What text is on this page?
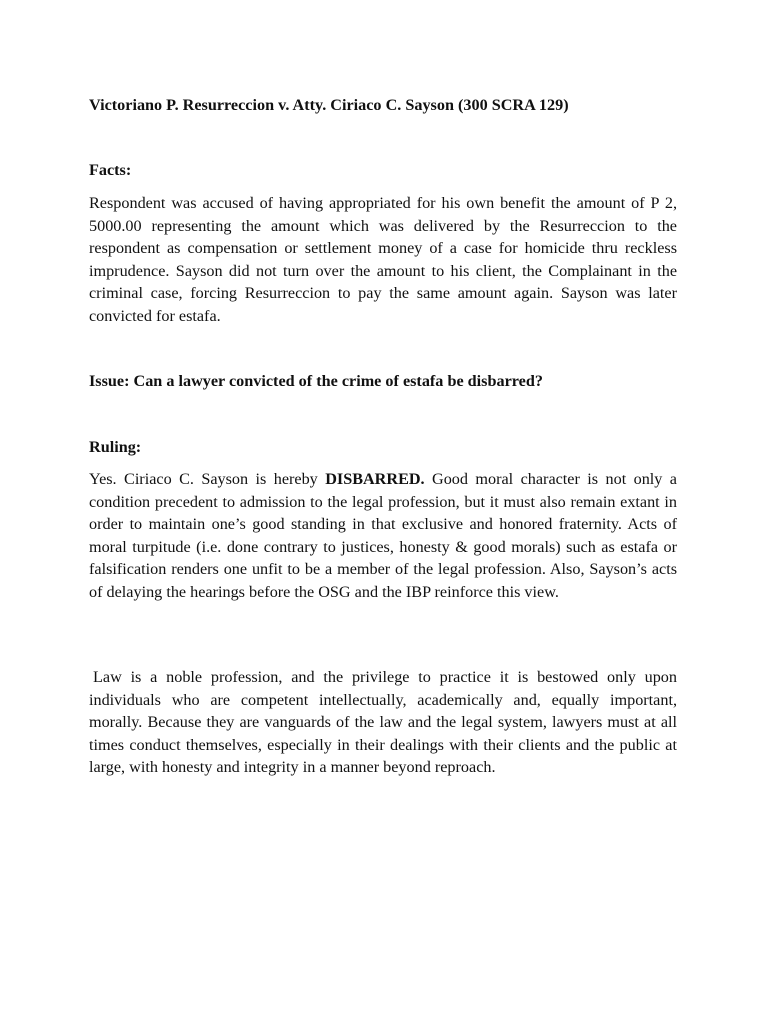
Victoriano P. Resurreccion v. Atty. Ciriaco C. Sayson (300 SCRA 129)

Facts:

Respondent was accused of having appropriated for his own benefit the amount of P 2, 5000.00 representing the amount which was delivered by the Resurreccion to the respondent as compensation or settlement money of a case for homicide thru reckless imprudence. Sayson did not turn over the amount to his client, the Complainant in the criminal case, forcing Resurreccion to pay the same amount again. Sayson was later convicted for estafa.

Issue: Can a lawyer convicted of the crime of estafa be disbarred?

Ruling:

Yes. Ciriaco C. Sayson is hereby DISBARRED. Good moral character is not only a condition precedent to admission to the legal profession, but it must also remain extant in order to maintain one’s good standing in that exclusive and honored fraternity. Acts of moral turpitude (i.e. done contrary to justices, honesty & good morals) such as estafa or falsification renders one unfit to be a member of the legal profession. Also, Sayson’s acts of delaying the hearings before the OSG and the IBP reinforce this view.

Law is a noble profession, and the privilege to practice it is bestowed only upon individuals who are competent intellectually, academically and, equally important, morally. Because they are vanguards of the law and the legal system, lawyers must at all times conduct themselves, especially in their dealings with their clients and the public at large, with honesty and integrity in a manner beyond reproach.
